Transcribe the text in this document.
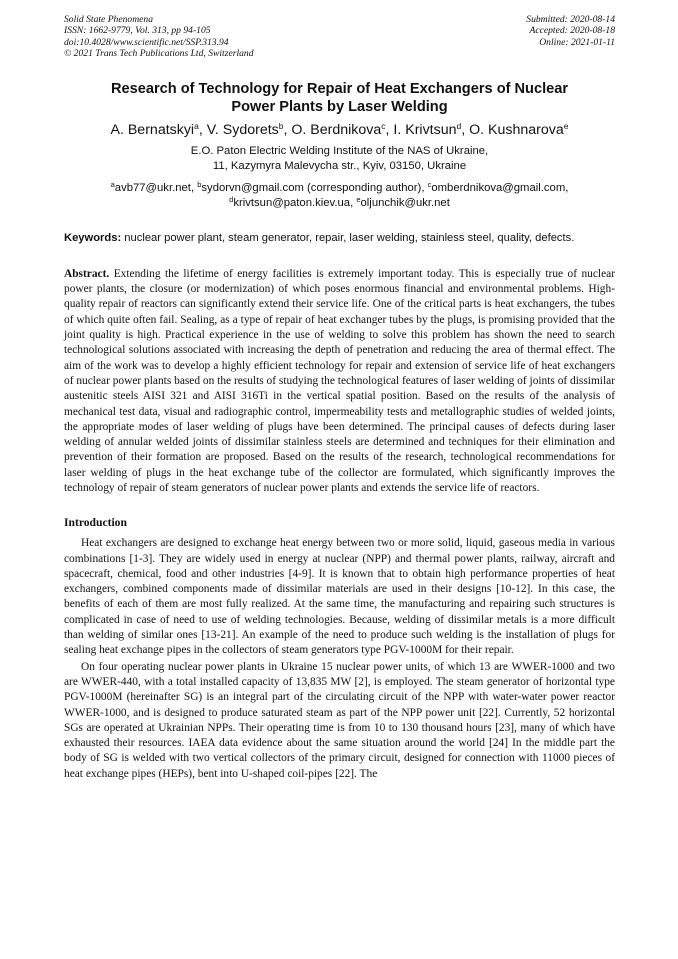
Solid State Phenomena
ISSN: 1662-9779, Vol. 313, pp 94-105
doi:10.4028/www.scientific.net/SSP.313.94
© 2021 Trans Tech Publications Ltd, Switzerland
Submitted: 2020-08-14
Accepted: 2020-08-18
Online: 2021-01-11
Research of Technology for Repair of Heat Exchangers of Nuclear
Power Plants by Laser Welding
A. Bernatskyi$^a$, V. Sydorets$^b$, O. Berdnikova$^c$, I. Krivtsun$^d$, O. Kushnarova$^e$
E.O. Paton Electric Welding Institute of the NAS of Ukraine,
11, Kazymyra Malevycha str., Kyiv, 03150, Ukraine
$^a$avb77@ukr.net, $^b$sydorvn@gmail.com (corresponding author), $^c$omberdnikova@gmail.com,
$^d$krivtsun@paton.kiev.ua, $^e$oljunchik@ukr.net
Keywords: nuclear power plant, steam generator, repair, laser welding, stainless steel, quality, defects.
Abstract. Extending the lifetime of energy facilities is extremely important today. This is especially true of nuclear power plants, the closure (or modernization) of which poses enormous financial and environmental problems. High-quality repair of reactors can significantly extend their service life. One of the critical parts is heat exchangers, the tubes of which quite often fail. Sealing, as a type of repair of heat exchanger tubes by the plugs, is promising provided that the joint quality is high. Practical experience in the use of welding to solve this problem has shown the need to search technological solutions associated with increasing the depth of penetration and reducing the area of thermal effect. The aim of the work was to develop a highly efficient technology for repair and extension of service life of heat exchangers of nuclear power plants based on the results of studying the technological features of laser welding of joints of dissimilar austenitic steels AISI 321 and AISI 316Ti in the vertical spatial position. Based on the results of the analysis of mechanical test data, visual and radiographic control, impermeability tests and metallographic studies of welded joints, the appropriate modes of laser welding of plugs have been determined. The principal causes of defects during laser welding of annular welded joints of dissimilar stainless steels are determined and techniques for their elimination and prevention of their formation are proposed. Based on the results of the research, technological recommendations for laser welding of plugs in the heat exchange tube of the collector are formulated, which significantly improves the technology of repair of steam generators of nuclear power plants and extends the service life of reactors.
Introduction
Heat exchangers are designed to exchange heat energy between two or more solid, liquid, gaseous media in various combinations [1-3]. They are widely used in energy at nuclear (NPP) and thermal power plants, railway, aircraft and spacecraft, chemical, food and other industries [4-9]. It is known that to obtain high performance properties of heat exchangers, combined components made of dissimilar materials are used in their designs [10-12]. In this case, the benefits of each of them are most fully realized. At the same time, the manufacturing and repairing such structures is complicated in case of need to use of welding technologies. Because, welding of dissimilar metals is a more difficult than welding of similar ones [13-21]. An example of the need to produce such welding is the installation of plugs for sealing heat exchange pipes in the collectors of steam generators type PGV-1000M for their repair.
On four operating nuclear power plants in Ukraine 15 nuclear power units, of which 13 are WWER-1000 and two are WWER-440, with a total installed capacity of 13,835 MW [2], is employed. The steam generator of horizontal type PGV-1000M (hereinafter SG) is an integral part of the circulating circuit of the NPP with water-water power reactor WWER-1000, and is designed to produce saturated steam as part of the NPP power unit [22]. Currently, 52 horizontal SGs are operated at Ukrainian NPPs. Their operating time is from 10 to 130 thousand hours [23], many of which have exhausted their resources. IAEA data evidence about the same situation around the world [24] In the middle part the body of SG is welded with two vertical collectors of the primary circuit, designed for connection with 11000 pieces of heat exchange pipes (HEPs), bent into U-shaped coil-pipes [22]. The
